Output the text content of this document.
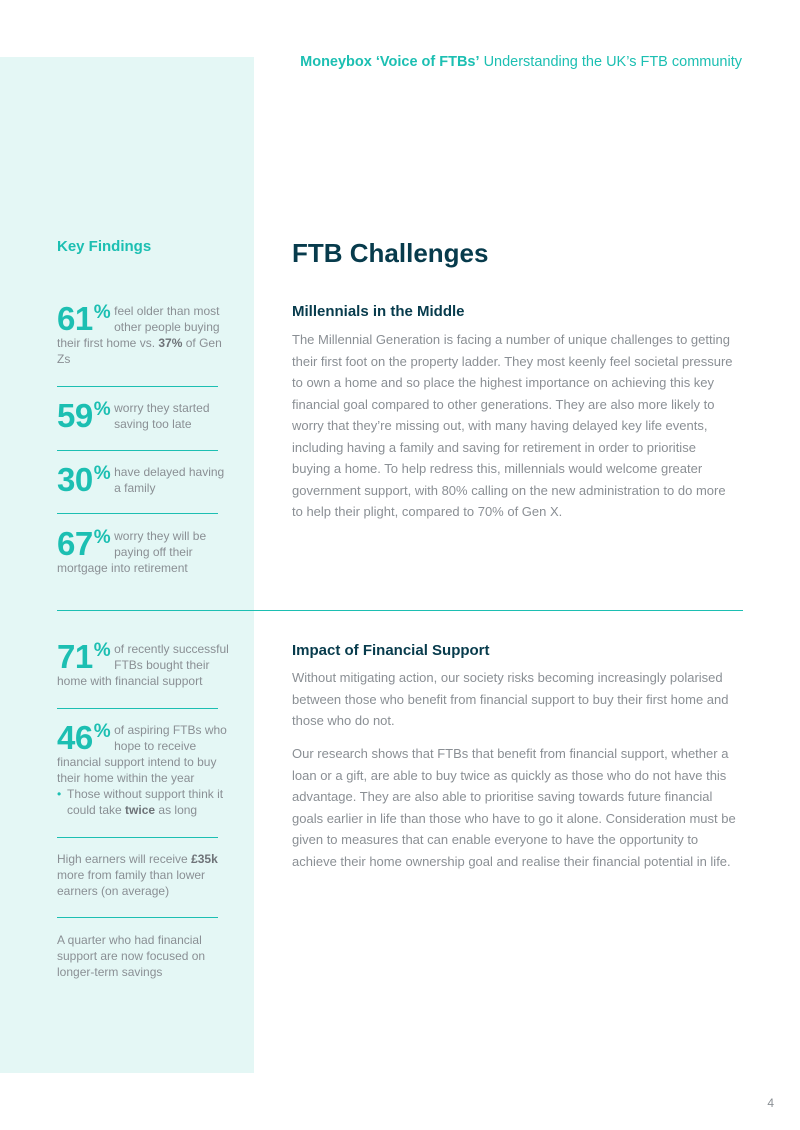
Moneybox ‘Voice of FTBs’ Understanding the UK’s FTB community
Key Findings
61% feel older than most other people buying their first home vs. 37% of Gen Zs
59% worry they started saving too late
30% have delayed having a family
67% worry they will be paying off their mortgage into retirement
71% of recently successful FTBs bought their home with financial support
46% of aspiring FTBs who hope to receive financial support intend to buy their home within the year
• Those without support think it could take twice as long
High earners will receive £35k more from family than lower earners (on average)
A quarter who had financial support are now focused on longer-term savings
FTB Challenges
Millennials in the Middle

The Millennial Generation is facing a number of unique challenges to getting their first foot on the property ladder. They most keenly feel societal pressure to own a home and so place the highest importance on achieving this key financial goal compared to other generations. They are also more likely to worry that they’re missing out, with many having delayed key life events, including having a family and saving for retirement in order to prioritise buying a home. To help redress this, millennials would welcome greater government support, with 80% calling on the new administration to do more to help their plight, compared to 70% of Gen X.

Impact of Financial Support

Without mitigating action, our society risks becoming increasingly polarised between those who benefit from financial support to buy their first home and those who do not.

Our research shows that FTBs that benefit from financial support, whether a loan or a gift, are able to buy twice as quickly as those who do not have this advantage. They are also able to prioritise saving towards future financial goals earlier in life than those who have to go it alone. Consideration must be given to measures that can enable everyone to have the opportunity to achieve their home ownership goal and realise their financial potential in life.

4
